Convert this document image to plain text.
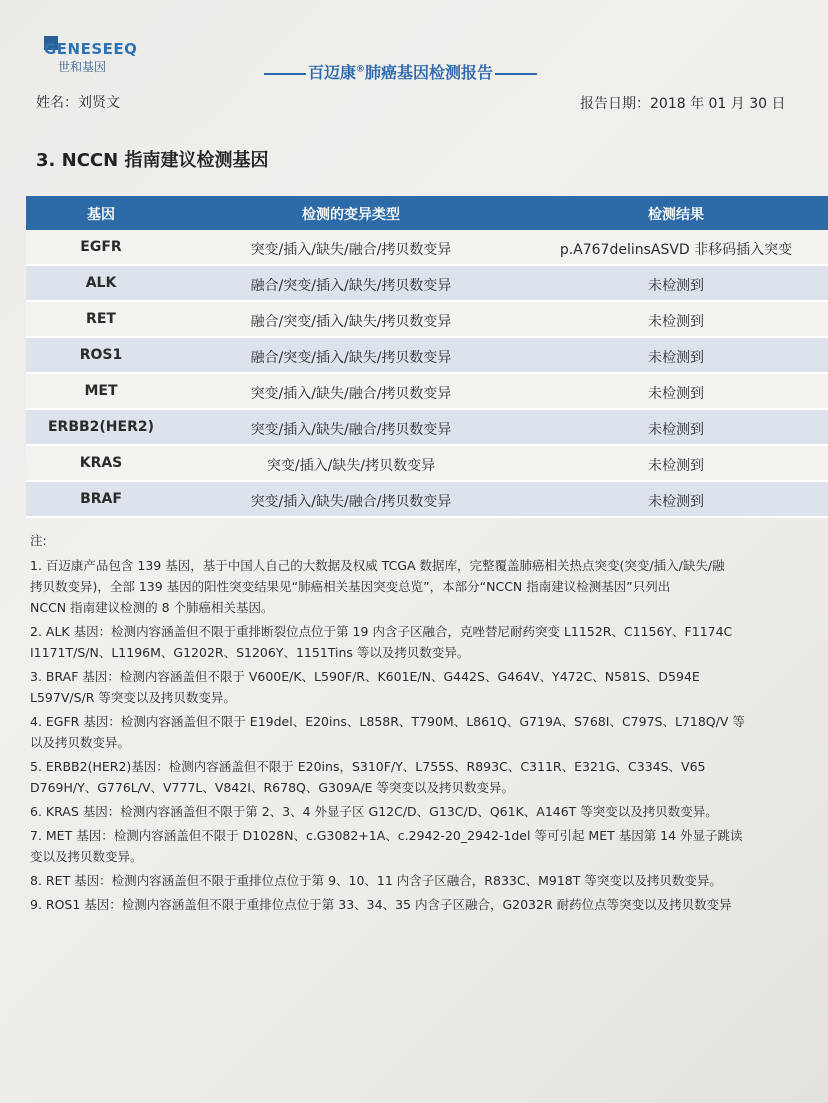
GENESEEQ
世和基因	百迈康®肺癌基因检测报告
姓名：刘贤文	报告日期：2018 年 01 月 30 日
3. NCCN 指南建议检测基因
基因	检测的变异类型	检测结果
EGFR	突变/插入/缺失/融合/拷贝数变异	p.A767delinsASVD 非移码插入突变
ALK	融合/突变/插入/缺失/拷贝数变异	未检测到
RET	融合/突变/插入/缺失/拷贝数变异	未检测到
ROS1	融合/突变/插入/缺失/拷贝数变异	未检测到
MET	突变/插入/缺失/融合/拷贝数变异	未检测到
ERBB2(HER2)	突变/插入/缺失/融合/拷贝数变异	未检测到
KRAS	突变/插入/缺失/拷贝数变异	未检测到
BRAF	突变/插入/缺失/融合/拷贝数变异	未检测到

注:

1. 百迈康产品包含 139 基因，基于中国人自己的大数据及权威 TCGA 数据库，完整覆盖肺癌相关热点突变(突变/插入/缺失/融

拷贝数变异)，全部 139 基因的阳性突变结果见“肺癌相关基因突变总览”，本部分“NCCN 指南建议检测基因”只列出

NCCN 指南建议检测的 8 个肺癌相关基因。

2. ALK 基因：检测内容涵盖但不限于重排断裂位点位于第 19 内含子区融合，克唑替尼耐药突变 L1152R、C1156Y、F1174C

I1171T/S/N、L1196M、G1202R、S1206Y、1151Tins 等以及拷贝数变异。

3. BRAF 基因：检测内容涵盖但不限于 V600E/K、L590F/R、K601E/N、G442S、G464V、Y472C、N581S、D594E

L597V/S/R 等突变以及拷贝数变异。

4. EGFR 基因：检测内容涵盖但不限于 E19del、E20ins、L858R、T790M、L861Q、G719A、S768I、C797S、L718Q/V 等

以及拷贝数变异。

5. ERBB2(HER2)基因：检测内容涵盖但不限于 E20ins，S310F/Y、L755S、R893C、C311R、E321G、C334S、V65

D769H/Y、G776L/V、V777L、V842I、R678Q、G309A/E 等突变以及拷贝数变异。

6. KRAS 基因：检测内容涵盖但不限于第 2、3、4 外显子区 G12C/D、G13C/D、Q61K、A146T 等突变以及拷贝数变异。

7. MET 基因：检测内容涵盖但不限于 D1028N、c.G3082+1A、c.2942-20_2942-1del 等可引起 MET 基因第 14 外显子跳读

变以及拷贝数变异。

8. RET 基因：检测内容涵盖但不限于重排位点位于第 9、10、11 内含子区融合，R833C、M918T 等突变以及拷贝数变异。

9. ROS1 基因：检测内容涵盖但不限于重排位点位于第 33、34、35 内含子区融合，G2032R 耐药位点等突变以及拷贝数变异
